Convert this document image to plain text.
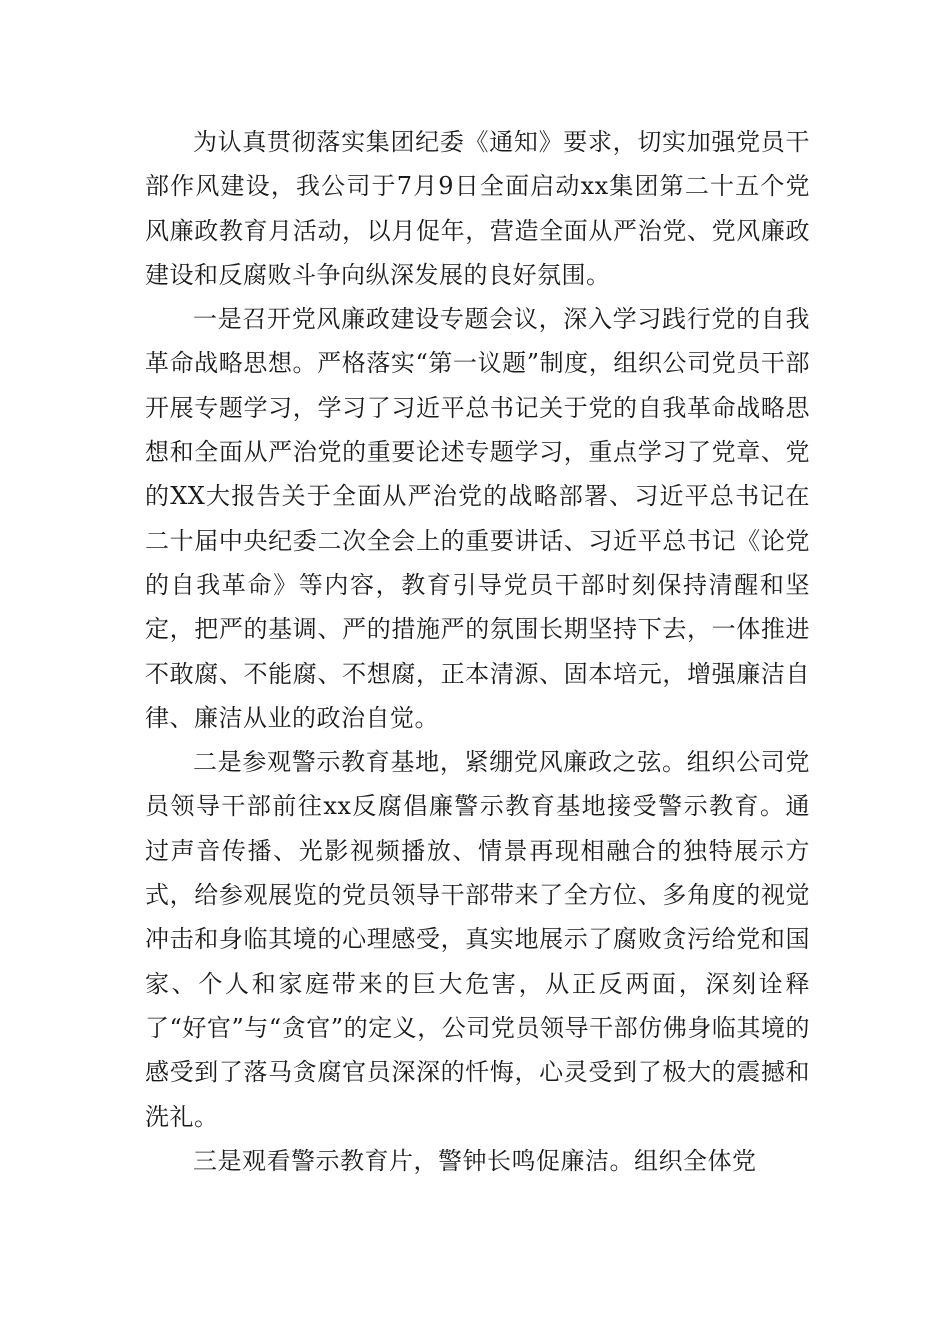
为认真贯彻落实集团纪委《通知》要求，切实加强党员干部作风建设，我公司于7月9日全面启动xx集团第二十五个党风廉政教育月活动，以月促年，营造全面从严治党、党风廉政建设和反腐败斗争向纵深发展的良好氛围。

一是召开党风廉政建设专题会议，深入学习践行党的自我革命战略思想。严格落实“第一议题”制度，组织公司党员干部开展专题学习，学习了习近平总书记关于党的自我革命战略思想和全面从严治党的重要论述专题学习，重点学习了党章、党的XX大报告关于全面从严治党的战略部署、习近平总书记在二十届中央纪委二次全会上的重要讲话、习近平总书记《论党的自我革命》等内容，教育引导党员干部时刻保持清醒和坚定，把严的基调、严的措施严的氛围长期坚持下去，一体推进不敢腐、不能腐、不想腐，正本清源、固本培元，增强廉洁自律、廉洁从业的政治自觉。

二是参观警示教育基地，紧绷党风廉政之弦。组织公司党员领导干部前往xx反腐倡廉警示教育基地接受警示教育。通过声音传播、光影视频播放、情景再现相融合的独特展示方式，给参观展览的党员领导干部带来了全方位、多角度的视觉冲击和身临其境的心理感受，真实地展示了腐败贪污给党和国家、个人和家庭带来的巨大危害，从正反两面，深刻诠释了“好官”与“贪官”的定义，公司党员领导干部仿佛身临其境的感受到了落马贪腐官员深深的忏悔，心灵受到了极大的震撼和洗礼。

三是观看警示教育片，警钟长鸣促廉洁。组织全体党
